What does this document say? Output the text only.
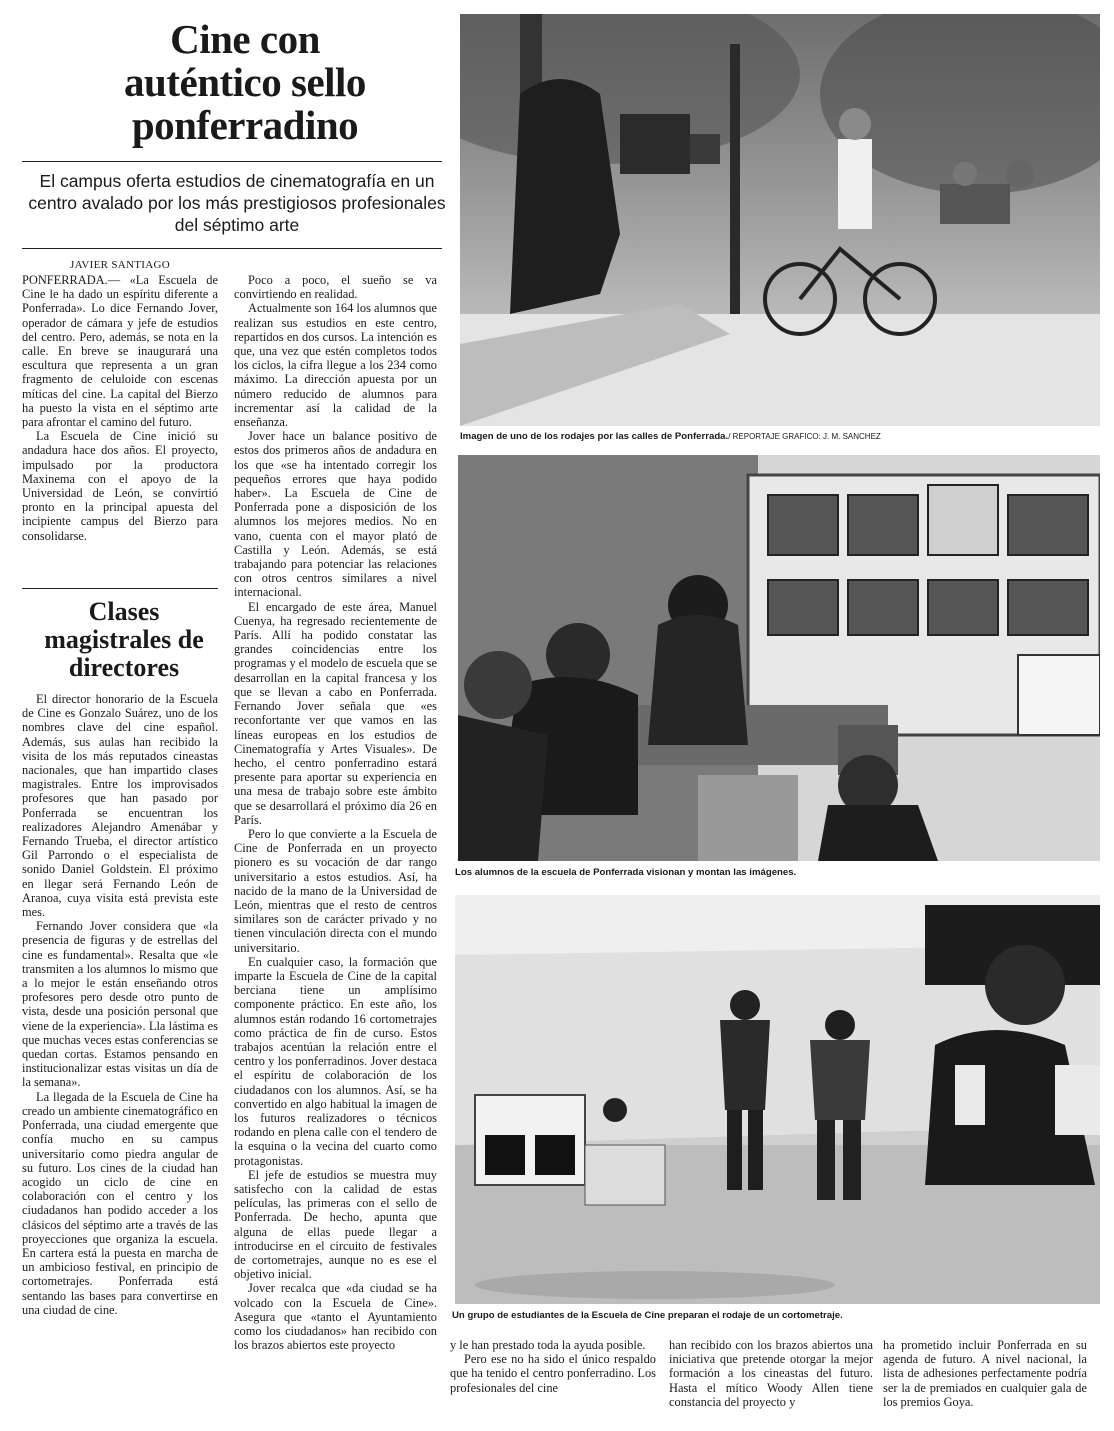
Cine con
auténtico sello
ponferradino
El campus oferta estudios de cinematografía en un centro avalado por los más prestigiosos profesionales del séptimo arte
JAVIER SANTIAGO

PONFERRADA.— «La Escuela de Cine le ha dado un espíritu diferente a Ponferrada». Lo dice Fernando Jover, operador de cámara y jefe de estudios del centro. Pero, además, se nota en la calle. En breve se inaugurará una escultura que representa a un gran fragmento de celuloide con escenas míticas del cine. La capital del Bierzo ha puesto la vista en el séptimo arte para afrontar el camino del futuro.

La Escuela de Cine inició su andadura hace dos años. El proyecto, impulsado por la productora Maxinema con el apoyo de la Universidad de León, se convirtió pronto en la principal apuesta del incipiente campus del Bierzo para consolidarse.

Clases
magistrales de
directores

El director honorario de la Escuela de Cine es Gonzalo Suárez, uno de los nombres clave del cine español. Además, sus aulas han recibido la visita de los más reputados cineastas nacionales, que han impartido clases magistrales. Entre los improvisados profesores que han pasado por Ponferrada se encuentran los realizadores Alejandro Amenábar y Fernando Trueba, el director artístico Gil Parrondo o el especialista de sonido Daniel Goldstein. El próximo en llegar será Fernando León de Aranoa, cuya visita está prevista este mes.

Fernando Jover considera que «la presencia de figuras y de estrellas del cine es fundamental». Resalta que «le transmiten a los alumnos lo mismo que a lo mejor le están enseñando otros profesores pero desde otro punto de vista, desde una posición personal que viene de la experiencia». Lla lástima es que muchas veces estas conferencias se quedan cortas. Estamos pensando en institucionalizar estas visitas un día de la semana».

La llegada de la Escuela de Cine ha creado un ambiente cinematográfico en Ponferrada, una ciudad emergente que confía mucho en su campus universitario como piedra angular de su futuro. Los cines de la ciudad han acogido un ciclo de cine en colaboración con el centro y los ciudadanos han podido acceder a los clásicos del séptimo arte a través de las proyecciones que organiza la escuela. En cartera está la puesta en marcha de un ambicioso festival, en principio de cortometrajes. Ponferrada está sentando las bases para convertirse en una ciudad de cine.

Poco a poco, el sueño se va convirtiendo en realidad.

Actualmente son 164 los alumnos que realizan sus estudios en este centro, repartidos en dos cursos. La intención es que, una vez que estén completos todos los ciclos, la cifra llegue a los 234 como máximo. La dirección apuesta por un número reducido de alumnos para incrementar así la calidad de la enseñanza.

Jover hace un balance positivo de estos dos primeros años de andadura en los que «se ha intentado corregir los pequeños errores que haya podido haber». La Escuela de Cine de Ponferrada pone a disposición de los alumnos los mejores medios. No en vano, cuenta con el mayor plató de Castilla y León. Además, se está trabajando para potenciar las relaciones con otros centros similares a nivel internacional.

El encargado de este área, Manuel Cuenya, ha regresado recientemente de París. Allí ha podido constatar las grandes coincidencias entre los programas y el modelo de escuela que se desarrollan en la capital francesa y los que se llevan a cabo en Ponferrada. Fernando Jover señala que «es reconfortante ver que vamos en las líneas europeas en los estudios de Cinematografía y Artes Visuales». De hecho, el centro ponferradino estará presente para aportar su experiencia en una mesa de trabajo sobre este ámbito que se desarrollará el próximo día 26 en París.

Pero lo que convierte a la Escuela de Cine de Ponferrada en un proyecto pionero es su vocación de dar rango universitario a estos estudios. Así, ha nacido de la mano de la Universidad de León, mientras que el resto de centros similares son de carácter privado y no tienen vinculación directa con el mundo universitario.

En cualquier caso, la formación que imparte la Escuela de Cine de la capital berciana tiene un amplísimo componente práctico. En este año, los alumnos están rodando 16 cortometrajes como práctica de fin de curso. Estos trabajos acentúan la relación entre el centro y los ponferradinos. Jover destaca el espíritu de colaboración de los ciudadanos con los alumnos. Así, se ha convertido en algo habitual la imagen de los futuros realizadores o técnicos rodando en plena calle con el tendero de la esquina o la vecina del cuarto como protagonistas.

El jefe de estudios se muestra muy satisfecho con la calidad de estas películas, las primeras con el sello de Ponferrada. De hecho, apunta que alguna de ellas puede llegar a introducirse en el circuito de festivales de cortometrajes, aunque no es ese el objetivo inicial.

Jover recalca que «da ciudad se ha volcado con la Escuela de Cine». Asegura que «tanto el Ayuntamiento como los ciudadanos» han recibido con los brazos abiertos este proyecto	y le han prestado toda la ayuda posible.

Pero ese no ha sido el único respaldo que ha tenido el centro ponferradino. Los profesionales del cine

han recibido con los brazos abiertos una iniciativa que pretende otorgar la mejor formación a los cineastas del futuro. Hasta el mítico Woody Allen tiene constancia del proyecto y

ha prometido incluir Ponferrada en su agenda de futuro. A nivel nacional, la lista de adhesiones perfectamente podría ser la de premiados en cualquier gala de los premios Goya.

Imagen de uno de los rodajes por las calles de Ponferrada./ REPORTAJE GRAFICO: J. M. SANCHEZ
Los alumnos de la escuela de Ponferrada visionan y montan las imágenes.
Un grupo de estudiantes de la Escuela de Cine preparan el rodaje de un cortometraje.
